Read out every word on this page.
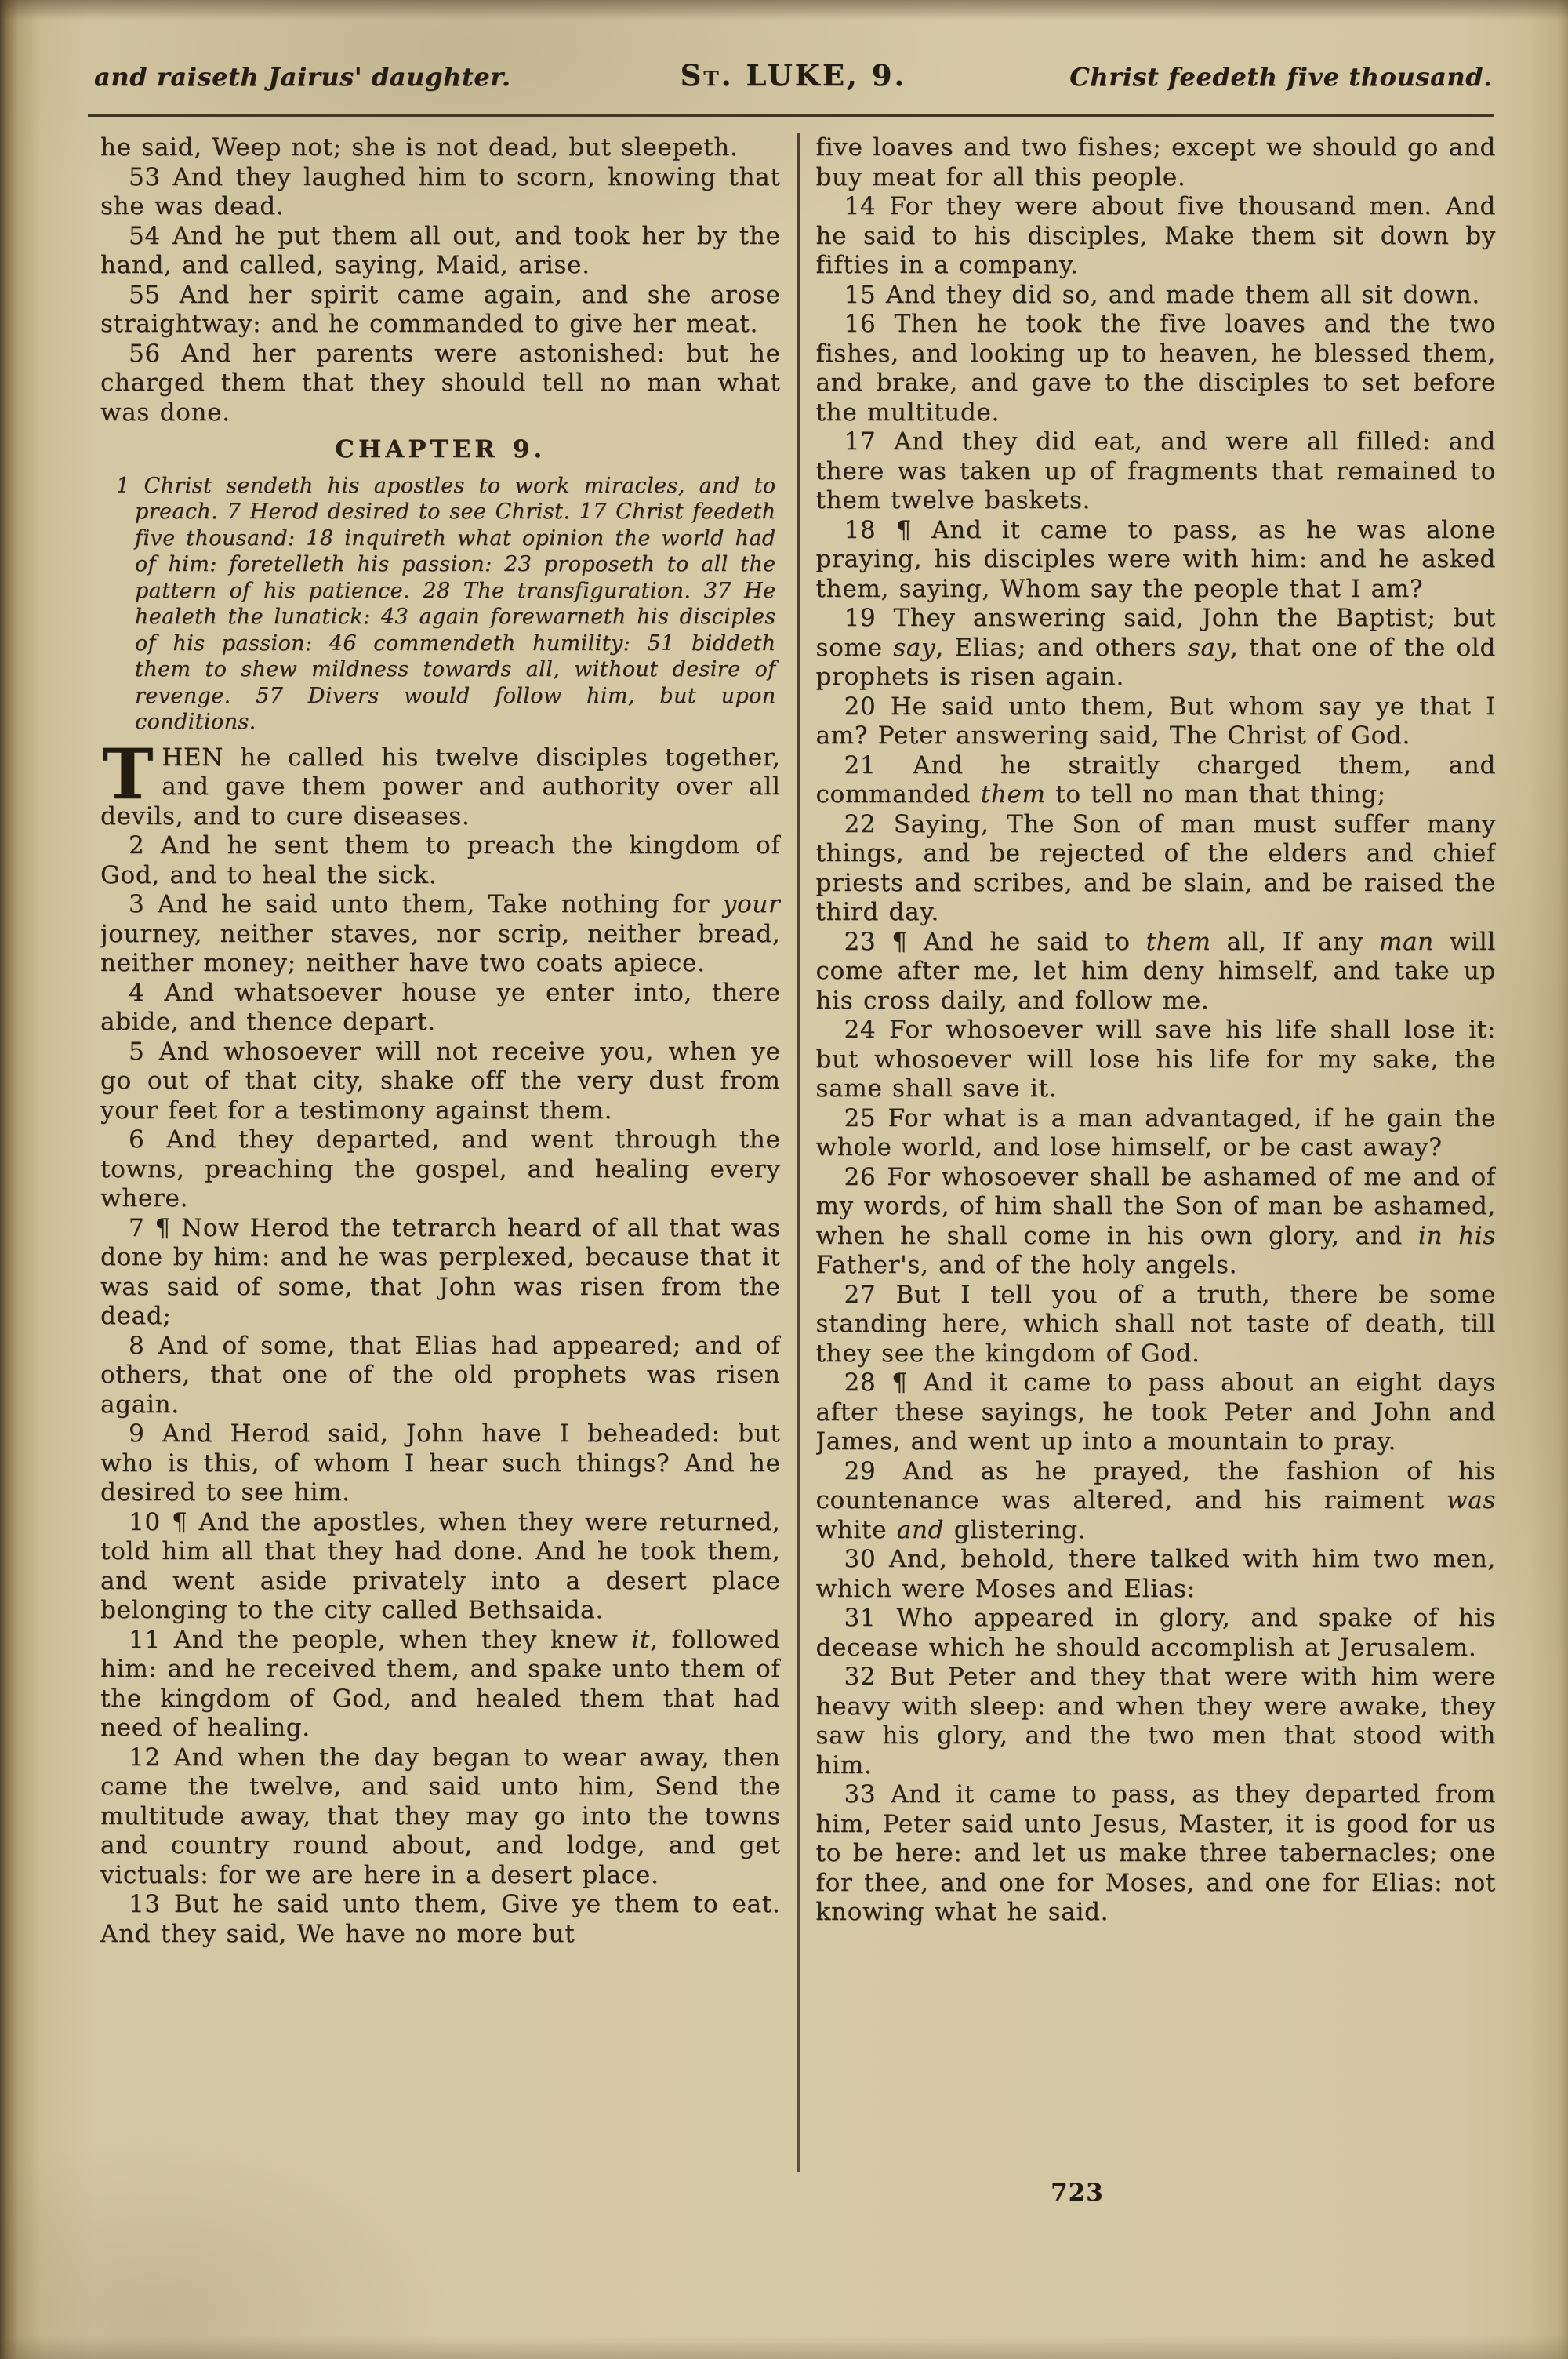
and raiseth Jairus' daughter.	St. LUKE, 9.	Christ feedeth five thousand.

he said, Weep not; she is not dead, but sleepeth.

53 And they laughed him to scorn, knowing that she was dead.

54 And he put them all out, and took her by the hand, and called, saying, Maid, arise.

55 And her spirit came again, and she arose straightway: and he commanded to give her meat.

56 And her parents were astonished: but he charged them that they should tell no man what was done.

CHAPTER 9.

1 Christ sendeth his apostles to work miracles, and to preach. 7 Herod desired to see Christ. 17 Christ feedeth five thousand: 18 inquireth what opinion the world had of him: foretelleth his passion: 23 proposeth to all the pattern of his patience. 28 The transfiguration. 37 He healeth the lunatick: 43 again forewarneth his disciples of his passion: 46 commendeth humility: 51 biddeth them to shew mildness towards all, without desire of revenge. 57 Divers would follow him, but upon conditions.

THEN he called his twelve disciples together, and gave them power and authority over all devils, and to cure diseases.

2 And he sent them to preach the kingdom of God, and to heal the sick.

3 And he said unto them, Take nothing for your journey, neither staves, nor scrip, neither bread, neither money; neither have two coats apiece.

4 And whatsoever house ye enter into, there abide, and thence depart.

5 And whosoever will not receive you, when ye go out of that city, shake off the very dust from your feet for a testimony against them.

6 And they departed, and went through the towns, preaching the gospel, and healing every where.

7 ¶ Now Herod the tetrarch heard of all that was done by him: and he was perplexed, because that it was said of some, that John was risen from the dead;

8 And of some, that Elias had appeared; and of others, that one of the old prophets was risen again.

9 And Herod said, John have I beheaded: but who is this, of whom I hear such things? And he desired to see him.

10 ¶ And the apostles, when they were returned, told him all that they had done. And he took them, and went aside privately into a desert place belonging to the city called Bethsaida.

11 And the people, when they knew it, followed him: and he received them, and spake unto them of the kingdom of God, and healed them that had need of healing.

12 And when the day began to wear away, then came the twelve, and said unto him, Send the multitude away, that they may go into the towns and country round about, and lodge, and get victuals: for we are here in a desert place.

13 But he said unto them, Give ye them to eat. And they said, We have no more but

five loaves and two fishes; except we should go and buy meat for all this people.

14 For they were about five thousand men. And he said to his disciples, Make them sit down by fifties in a company.

15 And they did so, and made them all sit down.

16 Then he took the five loaves and the two fishes, and looking up to heaven, he blessed them, and brake, and gave to the disciples to set before the multitude.

17 And they did eat, and were all filled: and there was taken up of fragments that remained to them twelve baskets.

18 ¶ And it came to pass, as he was alone praying, his disciples were with him: and he asked them, saying, Whom say the people that I am?

19 They answering said, John the Baptist; but some say, Elias; and others say, that one of the old prophets is risen again.

20 He said unto them, But whom say ye that I am? Peter answering said, The Christ of God.

21 And he straitly charged them, and commanded them to tell no man that thing;

22 Saying, The Son of man must suffer many things, and be rejected of the elders and chief priests and scribes, and be slain, and be raised the third day.

23 ¶ And he said to them all, If any man will come after me, let him deny himself, and take up his cross daily, and follow me.

24 For whosoever will save his life shall lose it: but whosoever will lose his life for my sake, the same shall save it.

25 For what is a man advantaged, if he gain the whole world, and lose himself, or be cast away?

26 For whosoever shall be ashamed of me and of my words, of him shall the Son of man be ashamed, when he shall come in his own glory, and in his Father's, and of the holy angels.

27 But I tell you of a truth, there be some standing here, which shall not taste of death, till they see the kingdom of God.

28 ¶ And it came to pass about an eight days after these sayings, he took Peter and John and James, and went up into a mountain to pray.

29 And as he prayed, the fashion of his countenance was altered, and his raiment was white and glistering.

30 And, behold, there talked with him two men, which were Moses and Elias:

31 Who appeared in glory, and spake of his decease which he should accomplish at Jerusalem.

32 But Peter and they that were with him were heavy with sleep: and when they were awake, they saw his glory, and the two men that stood with him.

33 And it came to pass, as they departed from him, Peter said unto Jesus, Master, it is good for us to be here: and let us make three tabernacles; one for thee, and one for Moses, and one for Elias: not knowing what he said.

723
